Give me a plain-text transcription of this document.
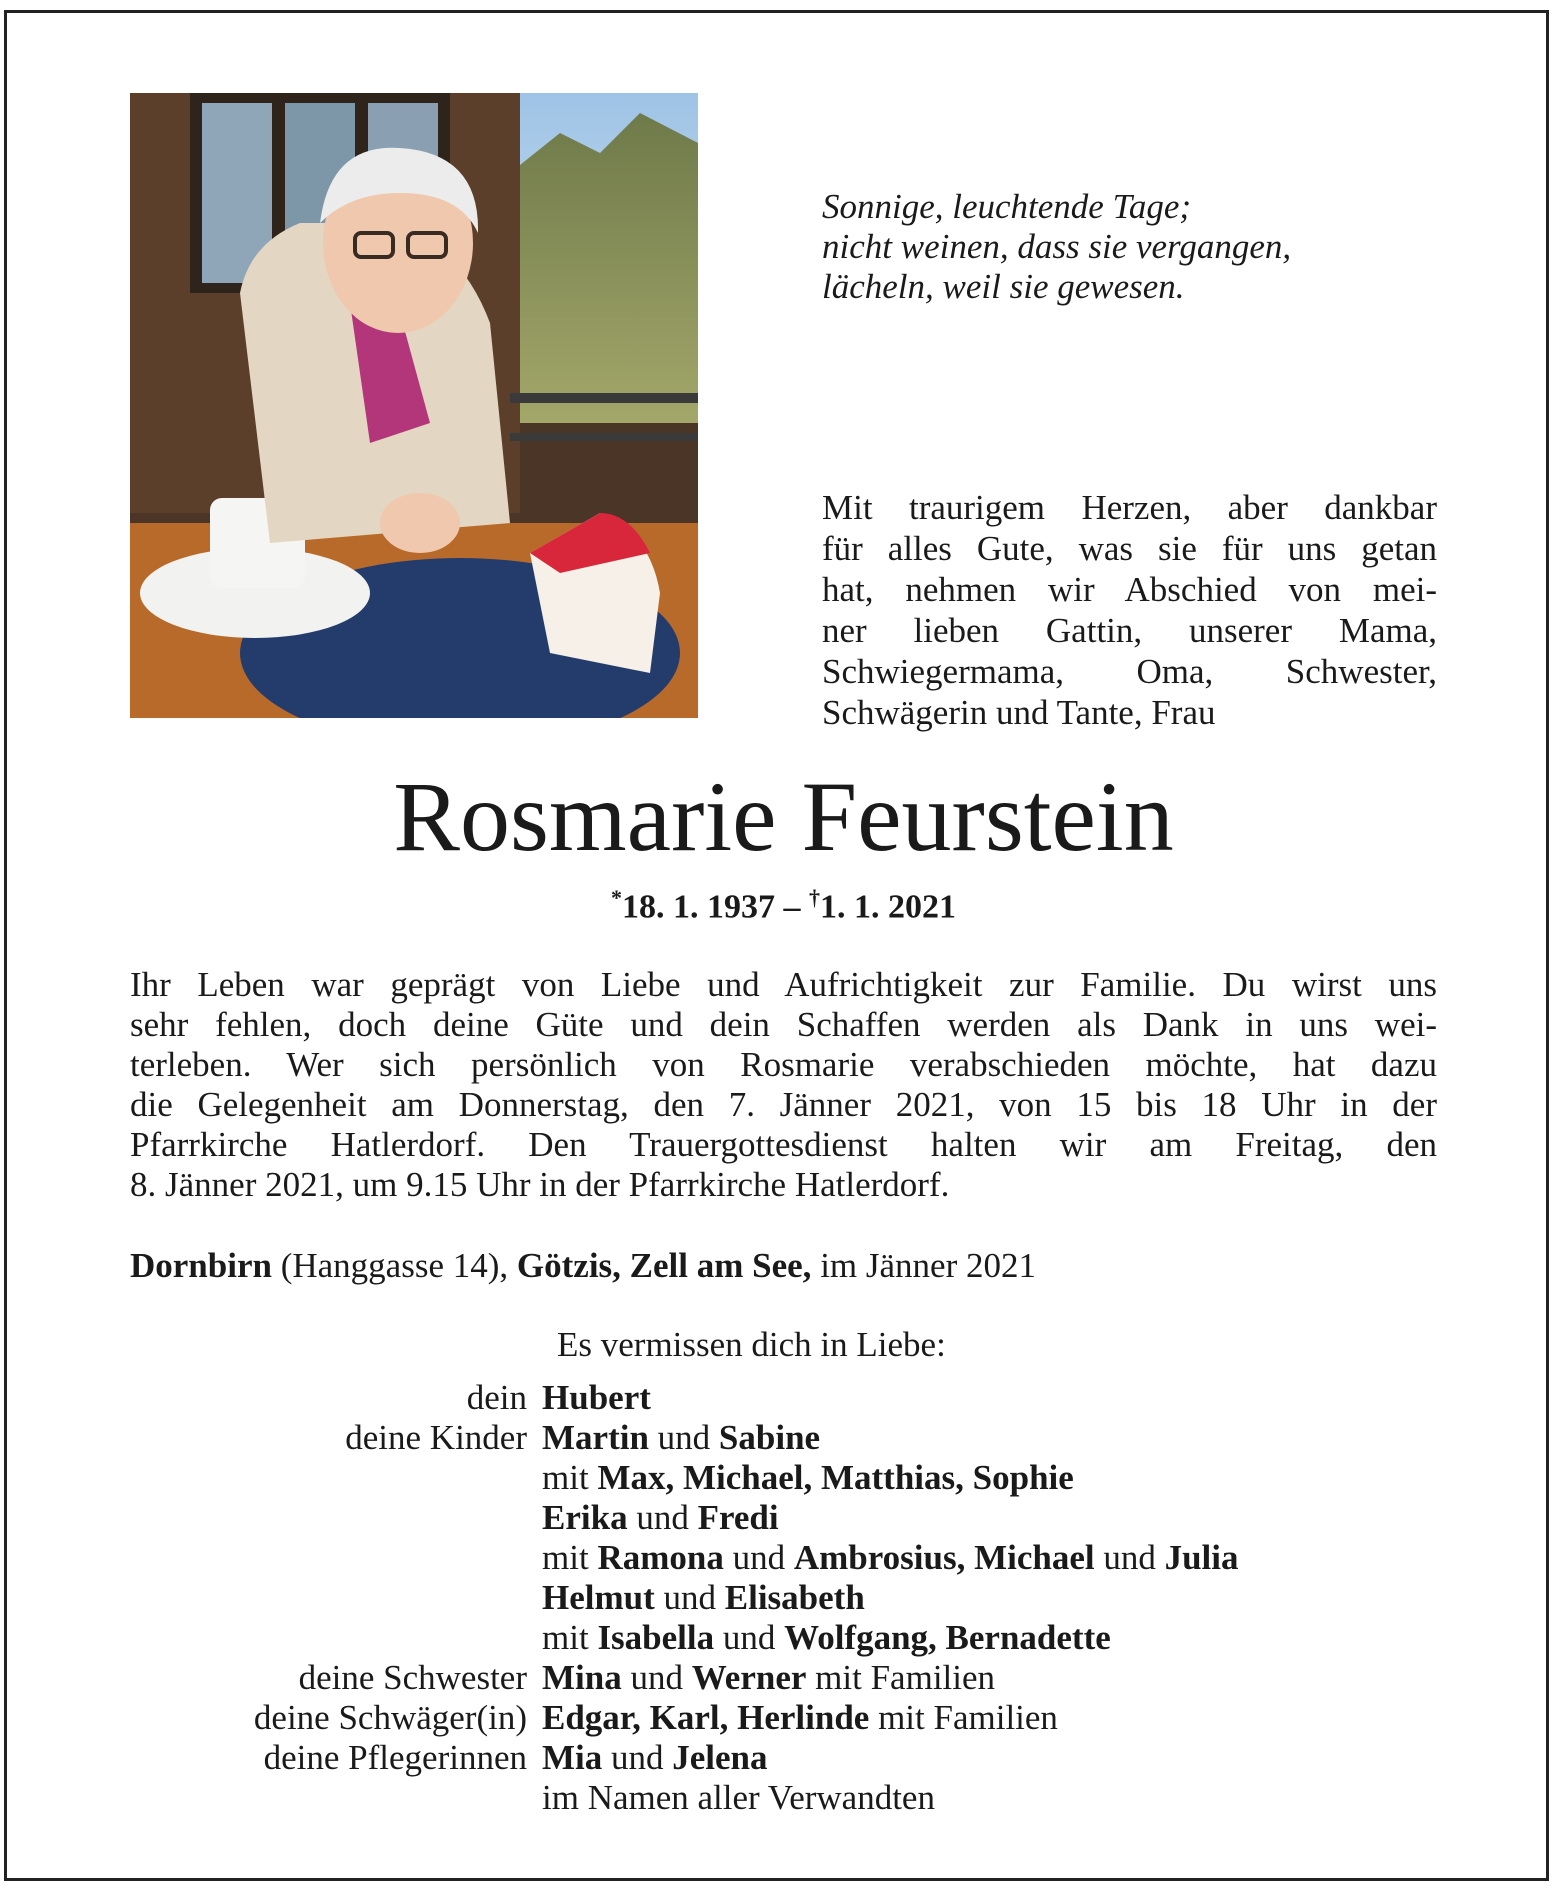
Sonnige, leuchtende Tage;
nicht weinen, dass sie vergangen,
lächeln, weil sie gewesen.
Mit traurigem Herzen, aber dankbar
für alles Gute, was sie für uns getan
hat, nehmen wir Abschied von mei-
ner lieben Gattin, unserer Mama,
Schwiegermama, Oma, Schwester,
Schwägerin und Tante, Frau
Rosmarie Feurstein
*18. 1. 1937 – †1. 1. 2021
Ihr Leben war geprägt von Liebe und Aufrichtigkeit zur Familie. Du wirst uns
sehr fehlen, doch deine Güte und dein Schaffen werden als Dank in uns wei-
terleben. Wer sich persönlich von Rosmarie verabschieden möchte, hat dazu
die Gelegenheit am Donnerstag, den 7. Jänner 2021, von 15 bis 18 Uhr in der
Pfarrkirche Hatlerdorf. Den Trauergottesdienst halten wir am Freitag, den
8. Jänner 2021, um 9.15 Uhr in der Pfarrkirche Hatlerdorf.
Dornbirn (Hanggasse 14), Götzis, Zell am See, im Jänner 2021
Es vermissen dich in Liebe:
dein Hubert
deine Kinder Martin und Sabine
mit Max, Michael, Matthias, Sophie
Erika und Fredi
mit Ramona und Ambrosius, Michael und Julia
Helmut und Elisabeth
mit Isabella und Wolfgang, Bernadette
deine Schwester Mina und Werner mit Familien
deine Schwäger(in) Edgar, Karl, Herlinde mit Familien
deine Pflegerinnen Mia und Jelena
im Namen aller Verwandten
